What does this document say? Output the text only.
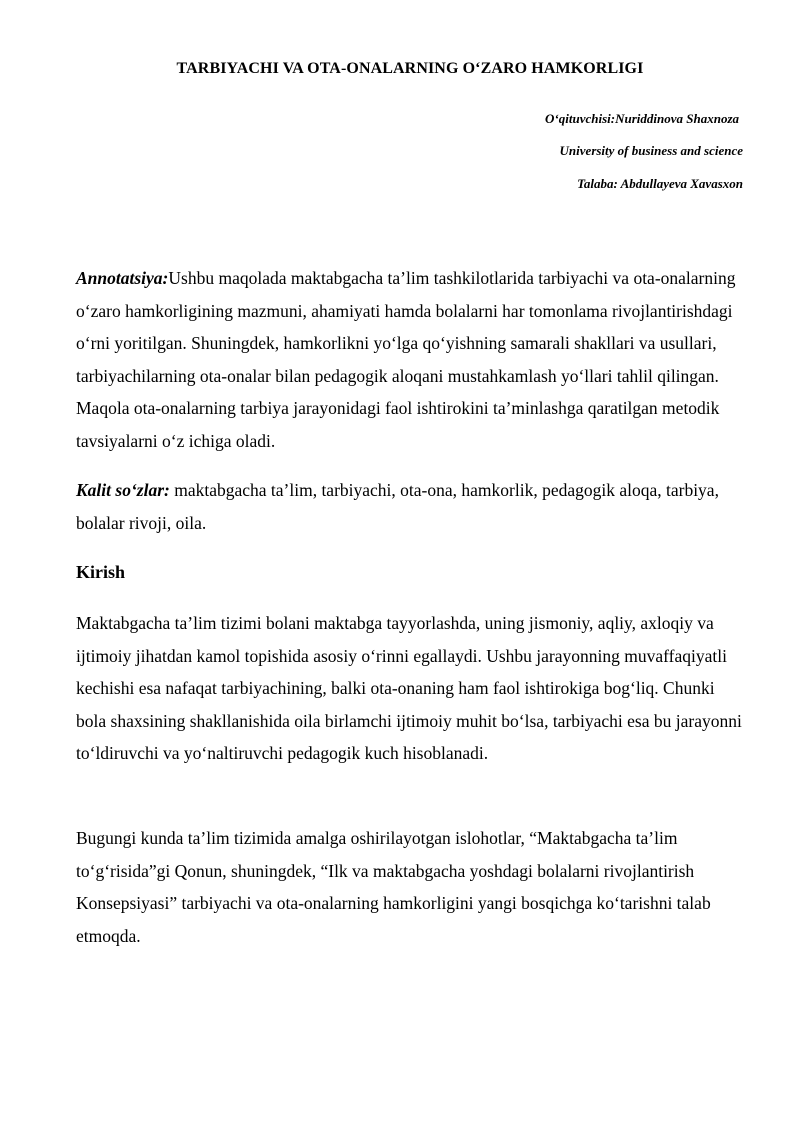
TARBIYACHI VA OTA-ONALARNING O‘ZARO HAMKORLIGI
O‘qituvchisi:Nuriddinova Shaxnoza
University of business and science
Talaba: Abdullayeva Xavasxon

Annotatsiya:Ushbu maqolada maktabgacha ta’lim tashkilotlarida tarbiyachi va ota-onalarning o‘zaro hamkorligining mazmuni, ahamiyati hamda bolalarni har tomonlama rivojlantirishdagi o‘rni yoritilgan. Shuningdek, hamkorlikni yo‘lga qo‘yishning samarali shakllari va usullari, tarbiyachilarning ota-onalar bilan pedagogik aloqani mustahkamlash yo‘llari tahlil qilingan. Maqola ota-onalarning tarbiya jarayonidagi faol ishtirokini ta’minlashga qaratilgan metodik tavsiyalarni o‘z ichiga oladi.

Kalit so‘zlar: maktabgacha ta’lim, tarbiyachi, ota-ona, hamkorlik, pedagogik aloqa, tarbiya, bolalar rivoji, oila.

Kirish

Maktabgacha ta’lim tizimi bolani maktabga tayyorlashda, uning jismoniy, aqliy, axloqiy va ijtimoiy jihatdan kamol topishida asosiy o‘rinni egallaydi. Ushbu jarayonning muvaffaqiyatli kechishi esa nafaqat tarbiyachining, balki ota-onaning ham faol ishtirokiga bog‘liq. Chunki bola shaxsining shakllanishida oila birlamchi ijtimoiy muhit bo‘lsa, tarbiyachi esa bu jarayonni to‘ldiruvchi va yo‘naltiruvchi pedagogik kuch hisoblanadi.

Bugungi kunda ta’lim tizimida amalga oshirilayotgan islohotlar, “Maktabgacha ta’lim to‘g‘risida”gi Qonun, shuningdek, “Ilk va maktabgacha yoshdagi bolalarni rivojlantirish Konsepsiyasi” tarbiyachi va ota-onalarning hamkorligini yangi bosqichga ko‘tarishni talab etmoqda.
